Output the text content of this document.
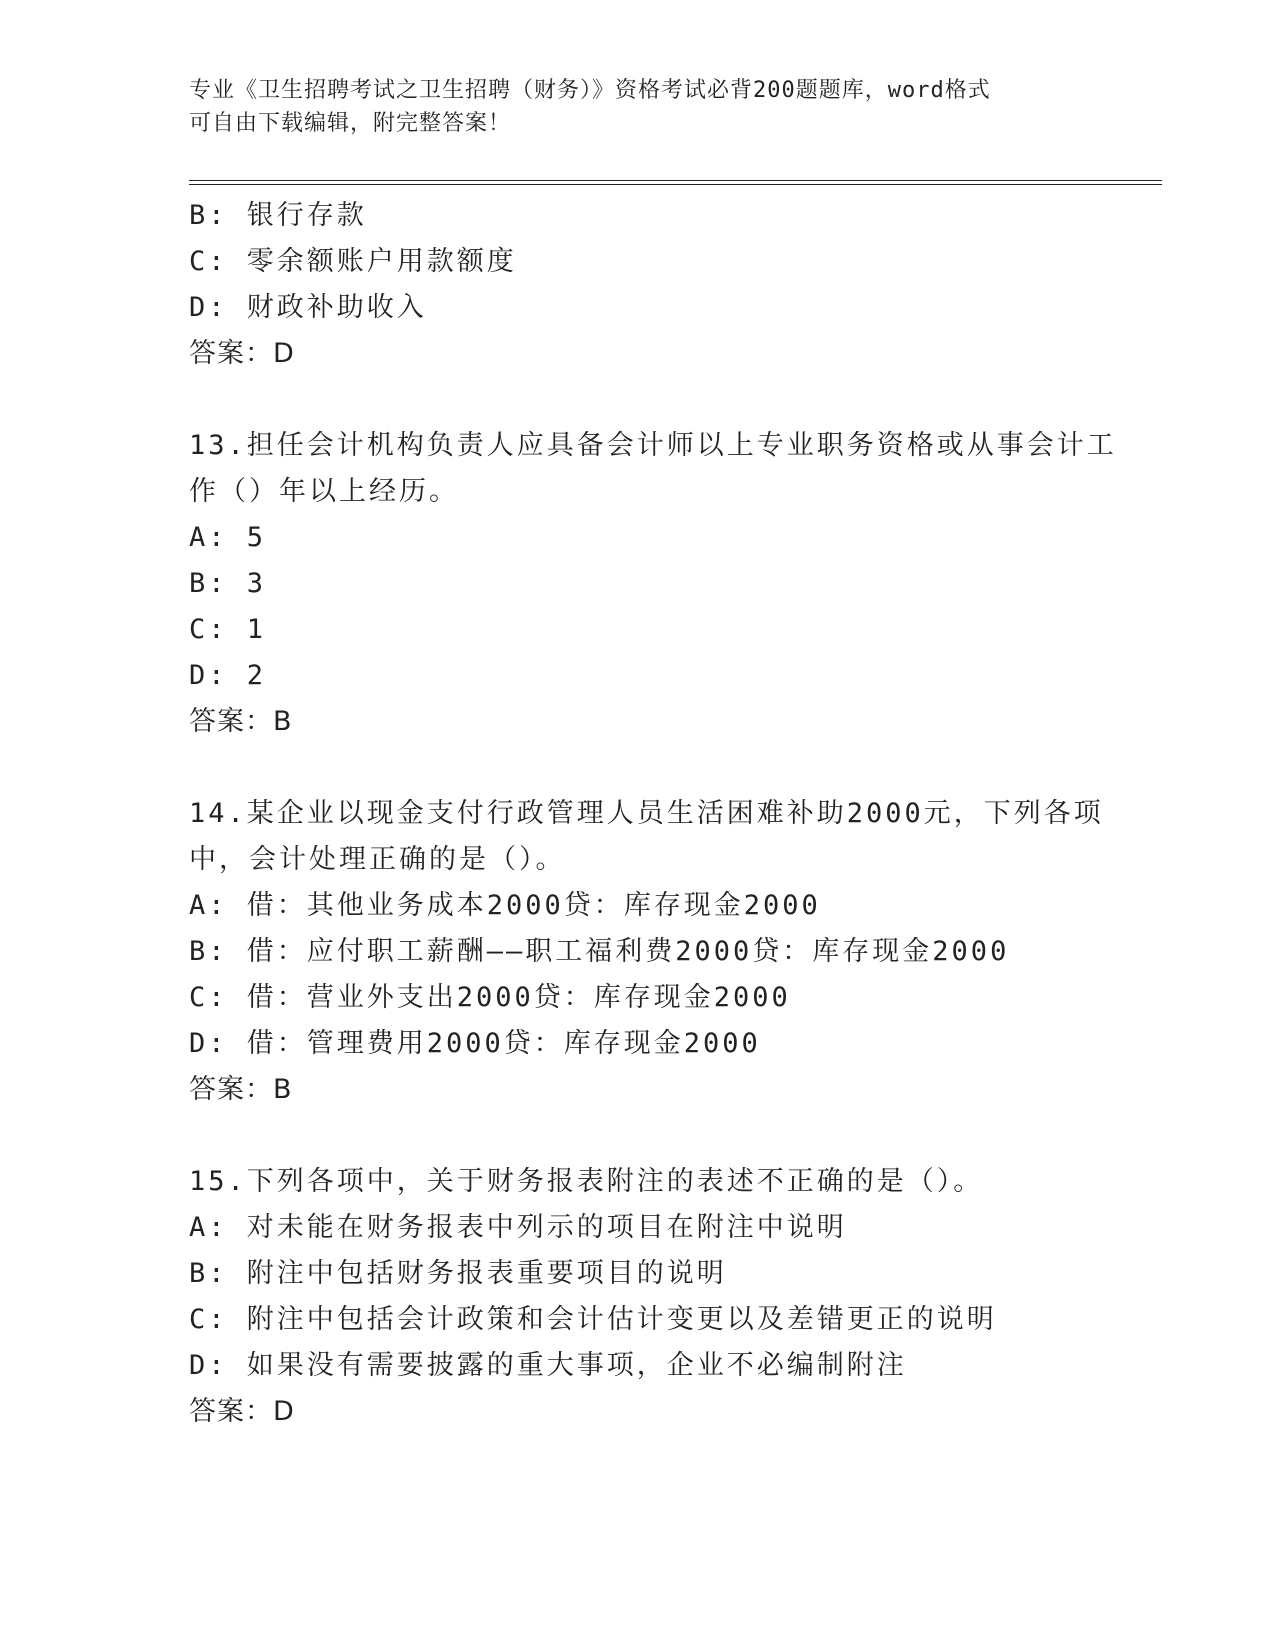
专业《卫生招聘考试之卫生招聘（财务）》资格考试必背200题题库，word格式
可自由下载编辑，附完整答案！
B: 银行存款
C: 零余额账户用款额度
D: 财政补助收入
答案：D
13.担任会计机构负责人应具备会计师以上专业职务资格或从事会计工
作（）年以上经历。
A: 5
B: 3
C: 1
D: 2
答案：B
14.某企业以现金支付行政管理人员生活困难补助2000元，下列各项
中，会计处理正确的是（）。
A: 借：其他业务成本2000贷：库存现金2000
B: 借：应付职工薪酬——职工福利费2000贷：库存现金2000
C: 借：营业外支出2000贷：库存现金2000
D: 借：管理费用2000贷：库存现金2000
答案：B
15.下列各项中，关于财务报表附注的表述不正确的是（）。
A: 对未能在财务报表中列示的项目在附注中说明
B: 附注中包括财务报表重要项目的说明
C: 附注中包括会计政策和会计估计变更以及差错更正的说明
D: 如果没有需要披露的重大事项，企业不必编制附注
答案：D
